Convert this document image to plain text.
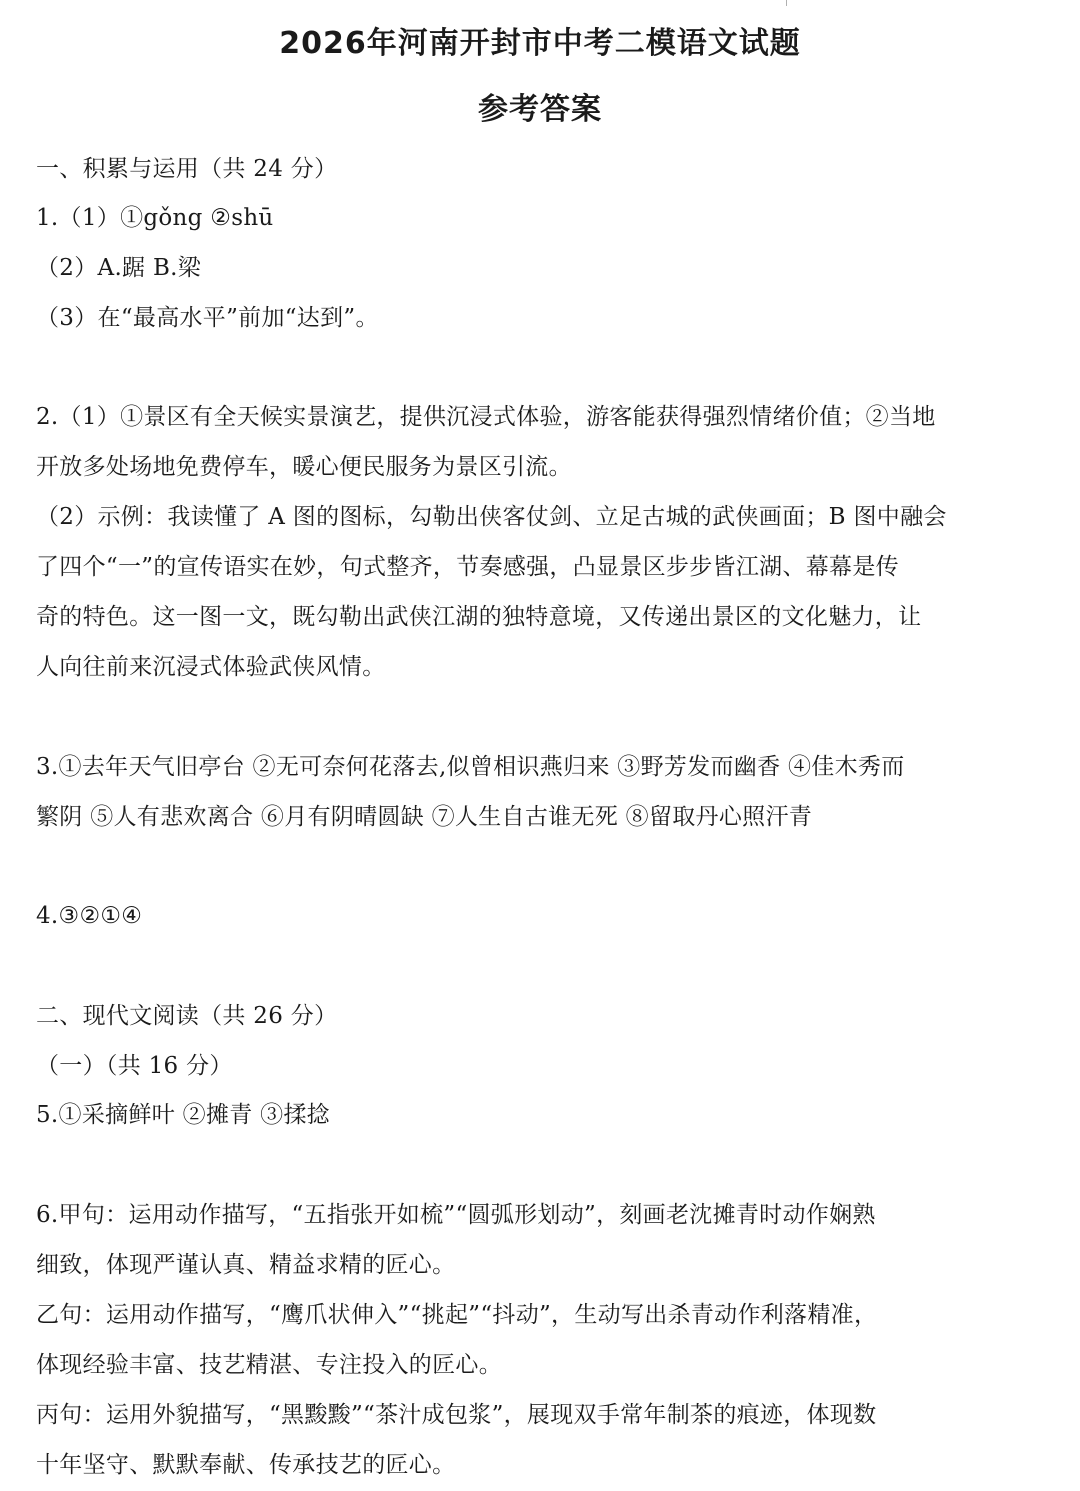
2026年河南开封市中考二模语文试题
参考答案

一、积累与运用（共 24 分）

1.（1）①gǒng ②shū

（2）A.踞 B.梁

（3）在“最高水平”前加“达到”。

2.（1）①景区有全天候实景演艺，提供沉浸式体验，游客能获得强烈情绪价值；②当地

开放多处场地免费停车，暖心便民服务为景区引流。

（2）示例：我读懂了 A 图的图标，勾勒出侠客仗剑、立足古城的武侠画面；B 图中融会

了四个“一”的宣传语实在妙，句式整齐，节奏感强，凸显景区步步皆江湖、幕幕是传

奇的特色。这一图一文，既勾勒出武侠江湖的独特意境，又传递出景区的文化魅力，让

人向往前来沉浸式体验武侠风情。

3.①去年天气旧亭台 ②无可奈何花落去,似曾相识燕归来 ③野芳发而幽香 ④佳木秀而

繁阴 ⑤人有悲欢离合 ⑥月有阴晴圆缺 ⑦人生自古谁无死 ⑧留取丹心照汗青

4.③②①④

二、现代文阅读（共 26 分）

（一）（共 16 分）

5.①采摘鲜叶 ②摊青 ③揉捻

6.甲句：运用动作描写，“五指张开如梳”“圆弧形划动”，刻画老沈摊青时动作娴熟

细致，体现严谨认真、精益求精的匠心。

乙句：运用动作描写，“鹰爪状伸入”“挑起”“抖动”，生动写出杀青动作利落精准，

体现经验丰富、技艺精湛、专注投入的匠心。

丙句：运用外貌描写，“黑黢黢”“茶汁成包浆”，展现双手常年制茶的痕迹，体现数

十年坚守、默默奉献、传承技艺的匠心。
